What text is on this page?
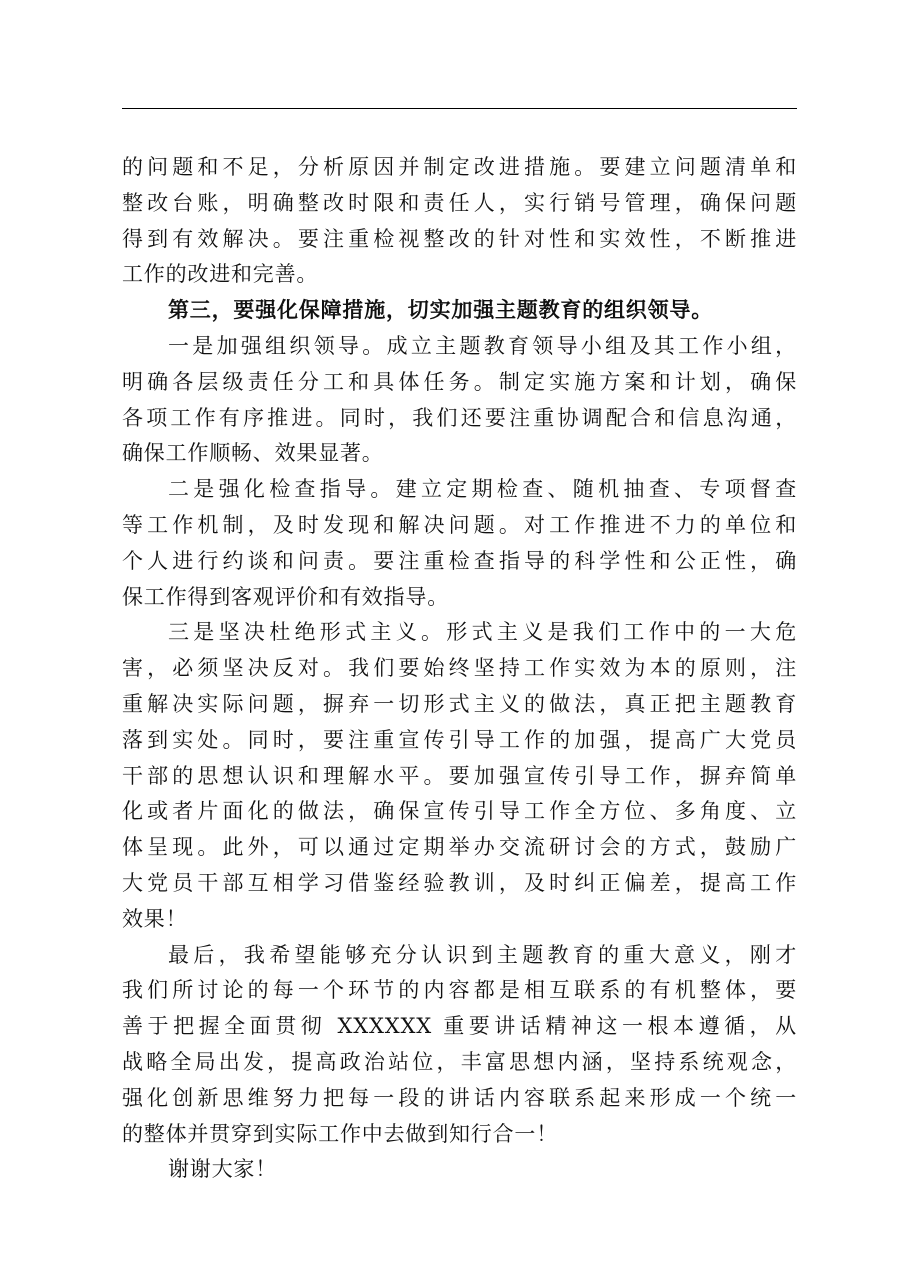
的问题和不足，分析原因并制定改进措施。要建立问题清单和
整改台账，明确整改时限和责任人，实行销号管理，确保问题
得到有效解决。要注重检视整改的针对性和实效性，不断推进
工作的改进和完善。
第三，要强化保障措施，切实加强主题教育的组织领导。
一是加强组织领导。成立主题教育领导小组及其工作小组，
明确各层级责任分工和具体任务。制定实施方案和计划，确保
各项工作有序推进。同时，我们还要注重协调配合和信息沟通，
确保工作顺畅、效果显著。
二是强化检查指导。建立定期检查、随机抽查、专项督查
等工作机制，及时发现和解决问题。对工作推进不力的单位和
个人进行约谈和问责。要注重检查指导的科学性和公正性，确
保工作得到客观评价和有效指导。
三是坚决杜绝形式主义。形式主义是我们工作中的一大危
害，必须坚决反对。我们要始终坚持工作实效为本的原则，注
重解决实际问题，摒弃一切形式主义的做法，真正把主题教育
落到实处。同时，要注重宣传引导工作的加强，提高广大党员
干部的思想认识和理解水平。要加强宣传引导工作，摒弃简单
化或者片面化的做法，确保宣传引导工作全方位、多角度、立
体呈现。此外，可以通过定期举办交流研讨会的方式，鼓励广
大党员干部互相学习借鉴经验教训，及时纠正偏差，提高工作
效果！
最后，我希望能够充分认识到主题教育的重大意义，刚才
我们所讨论的每一个环节的内容都是相互联系的有机整体，要
善于把握全面贯彻 XXXXXX 重要讲话精神这一根本遵循，从
战略全局出发，提高政治站位，丰富思想内涵，坚持系统观念，
强化创新思维努力把每一段的讲话内容联系起来形成一个统一
的整体并贯穿到实际工作中去做到知行合一！
谢谢大家！
